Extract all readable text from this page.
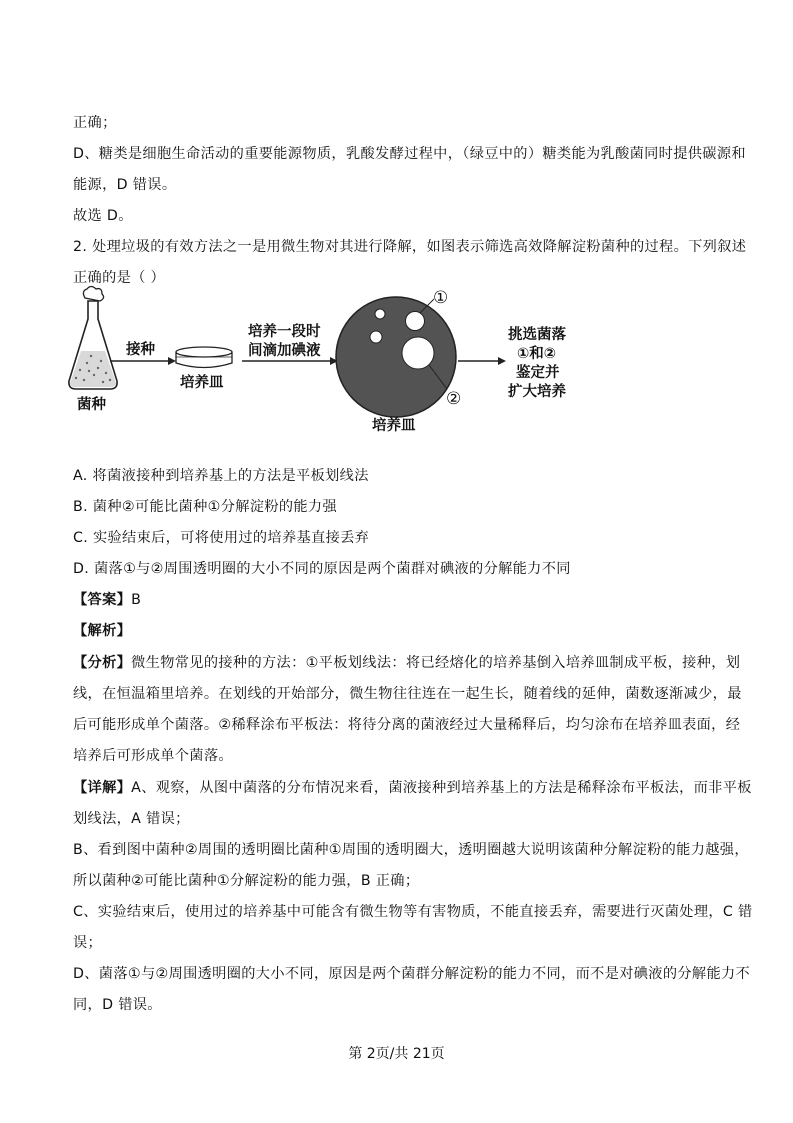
正确；
D、糖类是细胞生命活动的重要能源物质，乳酸发酵过程中，（绿豆中的）糖类能为乳酸菌同时提供碳源和
能源，D 错误。
故选 D。
2. 处理垃圾的有效方法之一是用微生物对其进行降解，如图表示筛选高效降解淀粉菌种的过程。下列叙述
正确的是（ ）
菌种
接种
培养皿
培养一段时
间滴加碘液
①
②
培养皿
挑选菌落
①和②
鉴定并
扩大培养
A. 将菌液接种到培养基上的方法是平板划线法
B. 菌种②可能比菌种①分解淀粉的能力强
C. 实验结束后，可将使用过的培养基直接丢弃
D. 菌落①与②周围透明圈的大小不同的原因是两个菌群对碘液的分解能力不同
【答案】B
【解析】
【分析】微生物常见的接种的方法：①平板划线法：将已经熔化的培养基倒入培养皿制成平板，接种，划
线，在恒温箱里培养。在划线的开始部分，微生物往往连在一起生长，随着线的延伸，菌数逐渐减少，最
后可能形成单个菌落。②稀释涂布平板法：将待分离的菌液经过大量稀释后，均匀涂布在培养皿表面，经
培养后可形成单个菌落。
【详解】A、观察，从图中菌落的分布情况来看，菌液接种到培养基上的方法是稀释涂布平板法，而非平板
划线法，A 错误；
B、看到图中菌种②周围的透明圈比菌种①周围的透明圈大，透明圈越大说明该菌种分解淀粉的能力越强，
所以菌种②可能比菌种①分解淀粉的能力强，B 正确；
C、实验结束后，使用过的培养基中可能含有微生物等有害物质，不能直接丢弃，需要进行灭菌处理，C 错
误；
D、菌落①与②周围透明圈的大小不同，原因是两个菌群分解淀粉的能力不同，而不是对碘液的分解能力不
同，D 错误。
第 2页/共 21页
